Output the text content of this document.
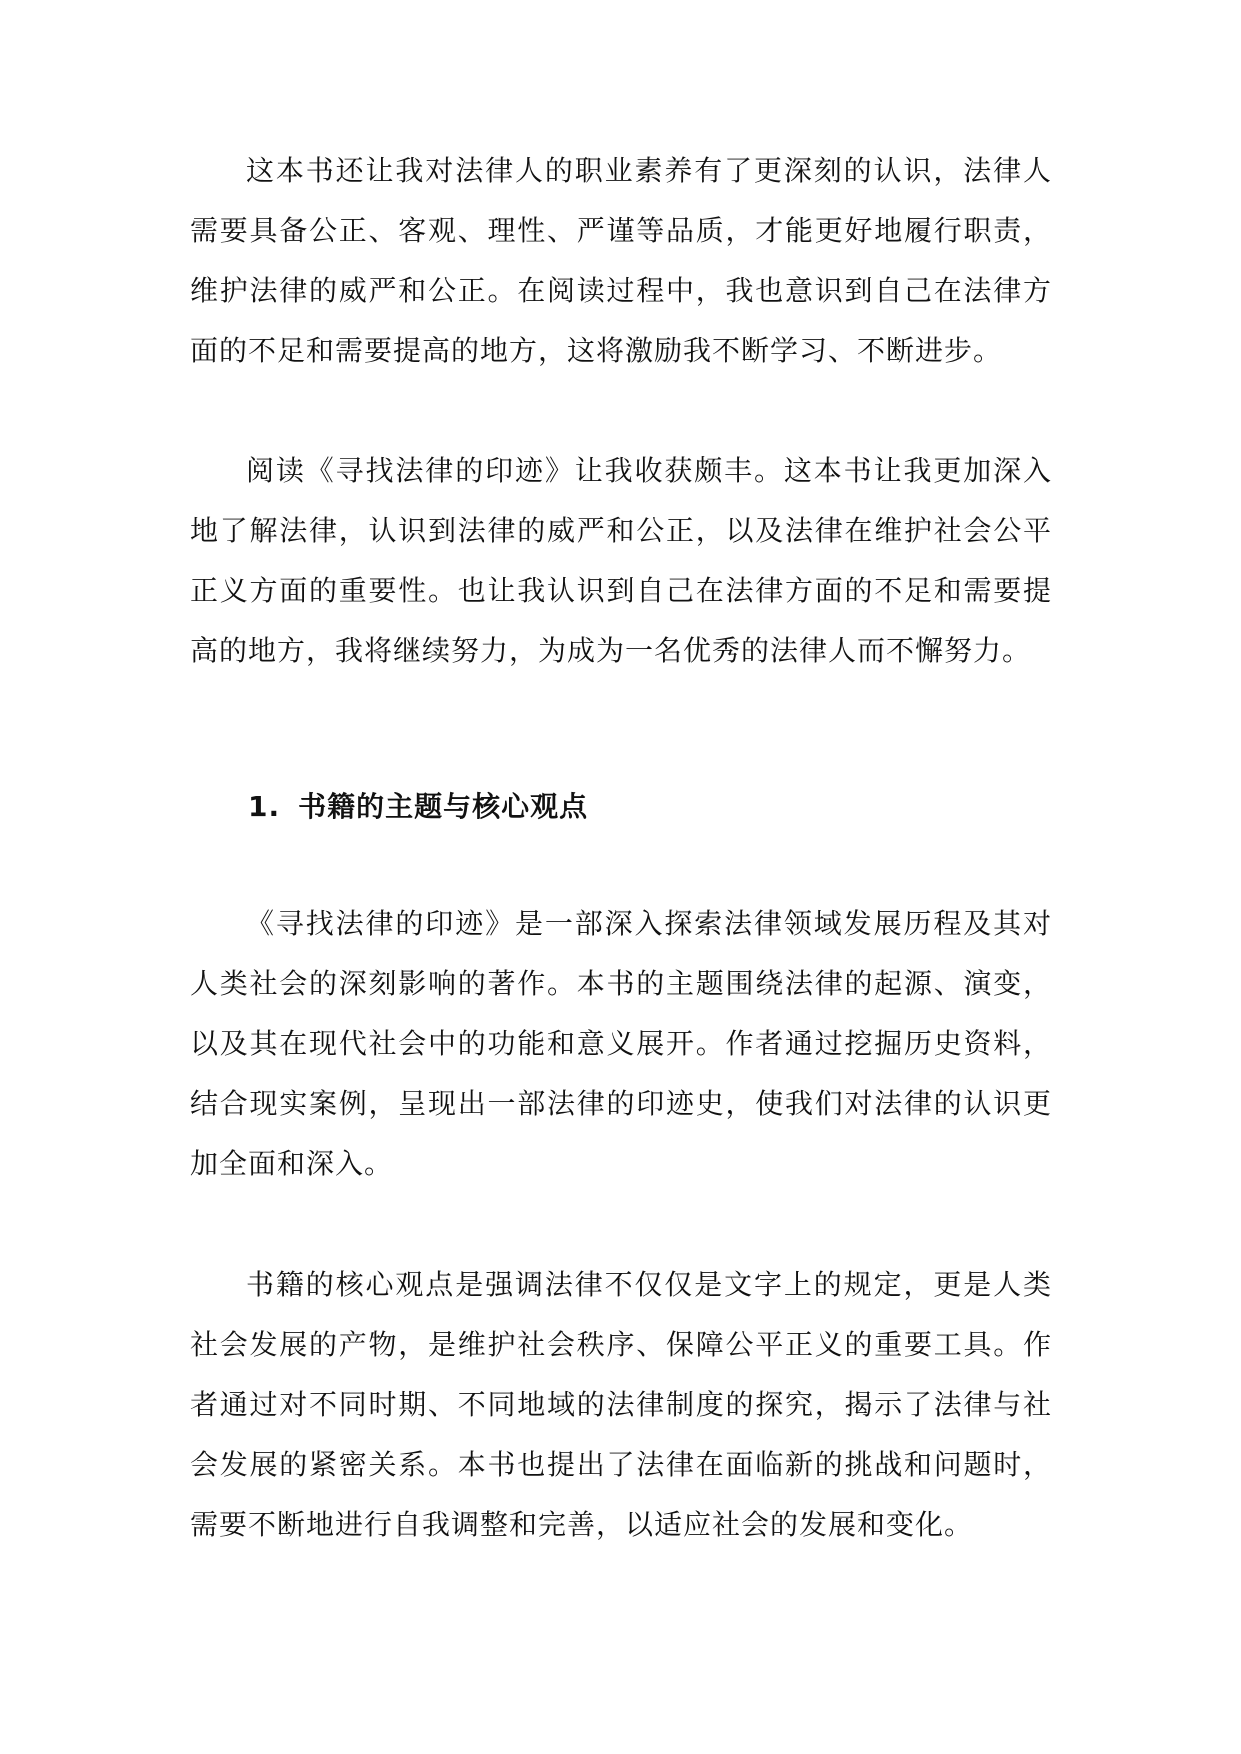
这本书还让我对法律人的职业素养有了更深刻的认识，法律人需要具备公正、客观、理性、严谨等品质，才能更好地履行职责，维护法律的威严和公正。在阅读过程中，我也意识到自己在法律方面的不足和需要提高的地方，这将激励我不断学习、不断进步。

阅读《寻找法律的印迹》让我收获颇丰。这本书让我更加深入地了解法律，认识到法律的威严和公正，以及法律在维护社会公平正义方面的重要性。也让我认识到自己在法律方面的不足和需要提高的地方，我将继续努力，为成为一名优秀的法律人而不懈努力。

1. 书籍的主题与核心观点

《寻找法律的印迹》是一部深入探索法律领域发展历程及其对人类社会的深刻影响的著作。本书的主题围绕法律的起源、演变，以及其在现代社会中的功能和意义展开。作者通过挖掘历史资料，结合现实案例，呈现出一部法律的印迹史，使我们对法律的认识更加全面和深入。

书籍的核心观点是强调法律不仅仅是文字上的规定，更是人类社会发展的产物，是维护社会秩序、保障公平正义的重要工具。作者通过对不同时期、不同地域的法律制度的探究，揭示了法律与社会发展的紧密关系。本书也提出了法律在面临新的挑战和问题时，需要不断地进行自我调整和完善，以适应社会的发展和变化。
